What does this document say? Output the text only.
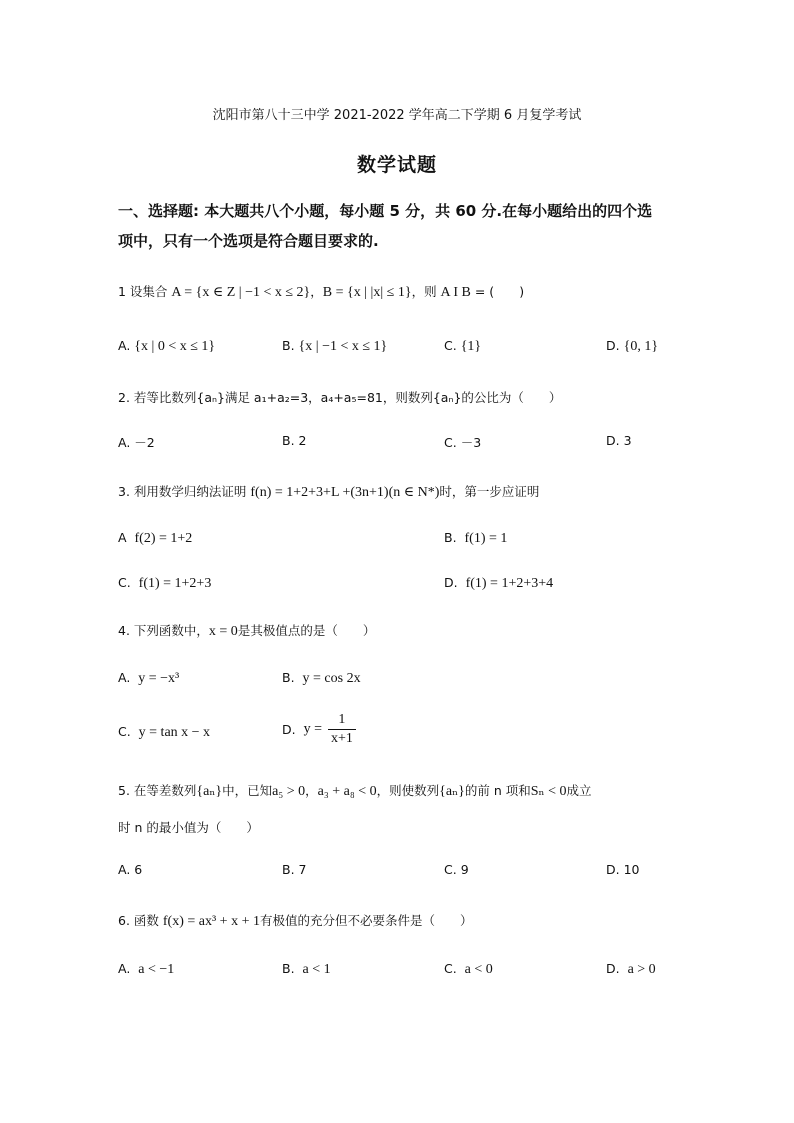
沈阳市第八十三中学 2021-2022 学年高二下学期 6 月复学考试
数学试题
一、选择题: 本大题共八个小题，每小题 5 分，共 60 分.在每小题给出的四个选
项中，只有一个选项是符合题目要求的.
1 设集合 A = {x ∈ Z | −1 < x ≤ 2}，B = {x | |x| ≤ 1}，则 A I B = (　　)
A. {x | 0 < x ≤ 1}	B. {x | −1 < x ≤ 1}	C. {1}	D. {0, 1}
2. 若等比数列{aₙ}满足 a₁+a₂=3，a₄+a₅=81，则数列{aₙ}的公比为（　　）
A. －2	B. 2	C. －3	D. 3
3. 利用数学归纳法证明 f(n) = 1+2+3+L +(3n+1)(n ∈ N*)时，第一步应证明
A f(2) = 1+2	B. f(1) = 1
C. f(1) = 1+2+3	D. f(1) = 1+2+3+4
4. 下列函数中，x = 0是其极值点的是（　　）
A. y = −x³	B. y = cos 2x
C. y = tan x − x	D. $y = \frac{1}{x+1}$
5. 在等差数列{aₙ}中，已知a₅ > 0，a₃ + a₈ < 0，则使数列{aₙ}的前 n 项和Sₙ < 0成立
时 n 的最小值为（　　）
A. 6	B. 7	C. 9	D. 10
6. 函数 f(x) = ax³ + x + 1有极值的充分但不必要条件是（　　）
A. a < −1	B. a < 1	C. a < 0	D. a > 0
